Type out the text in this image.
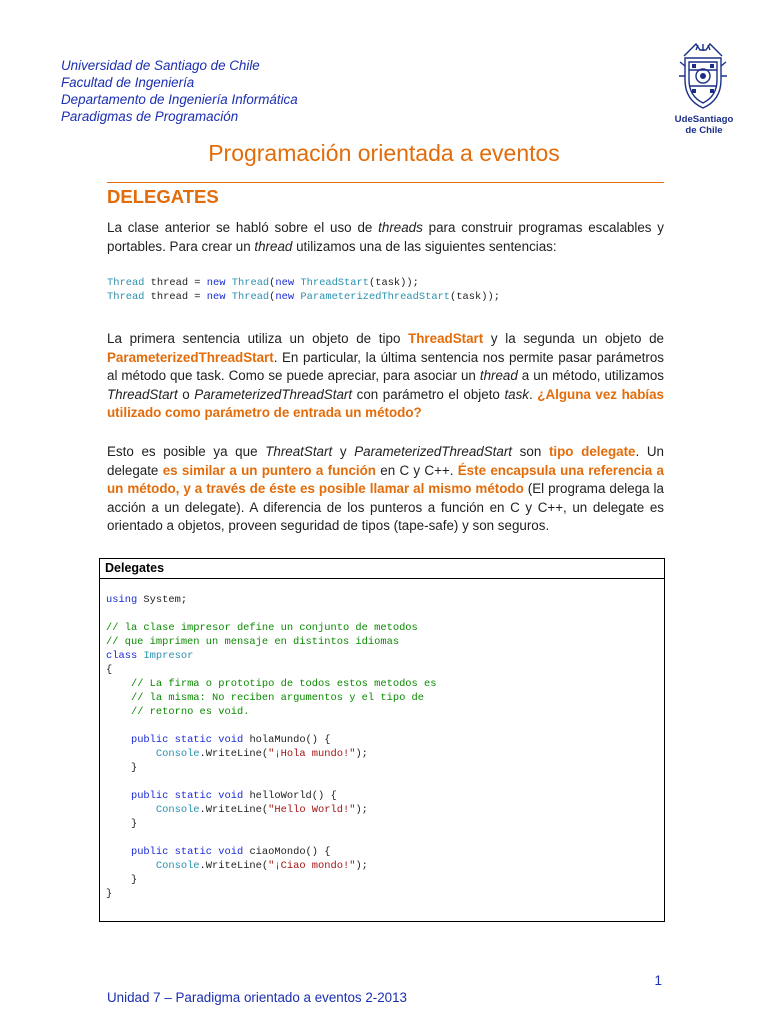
Universidad de Santiago de Chile
Facultad de Ingeniería
Departamento de Ingeniería Informática
Paradigmas de Programación	UdeSantiago
de Chile
Programación orientada a eventos
DELEGATES
La clase anterior se habló sobre el uso de threads para construir programas escalables y portables. Para crear un thread utilizamos una de las siguientes sentencias:
Thread thread = new Thread(new ThreadStart(task));
Thread thread = new Thread(new ParameterizedThreadStart(task));
La primera sentencia utiliza un objeto de tipo ThreadStart y la segunda un objeto de ParameterizedThreadStart. En particular, la última sentencia nos permite pasar parámetros al método que task. Como se puede apreciar, para asociar un thread a un método, utilizamos ThreadStart o ParameterizedThreadStart con parámetro el objeto task. ¿Alguna vez habías utilizado como parámetro de entrada un método?
Esto es posible ya que ThreatStart y ParameterizedThreadStart son tipo delegate. Un delegate es similar a un puntero a función en C y C++. Éste encapsula una referencia a un método, y a través de éste es posible llamar al mismo método (El programa delega la acción a un delegate). A diferencia de los punteros a función en C y C++, un delegate es orientado a objetos, proveen seguridad de tipos (tape-safe) y son seguros.
Delegates
using System;

// la clase impresor define un conjunto de metodos
// que imprimen un mensaje en distintos idiomas
class Impresor
{
// La firma o prototipo de todos estos metodos es
// la misma: No reciben argumentos y el tipo de
// retorno es void.

public static void holaMundo() {
Console.WriteLine("¡Hola mundo!");
}

public static void helloWorld() {
Console.WriteLine("Hello World!");
}

public static void ciaoMondo() {
Console.WriteLine("¡Ciao mondo!");
}
}
1
Unidad 7 – Paradigma orientado a eventos 2-2013
